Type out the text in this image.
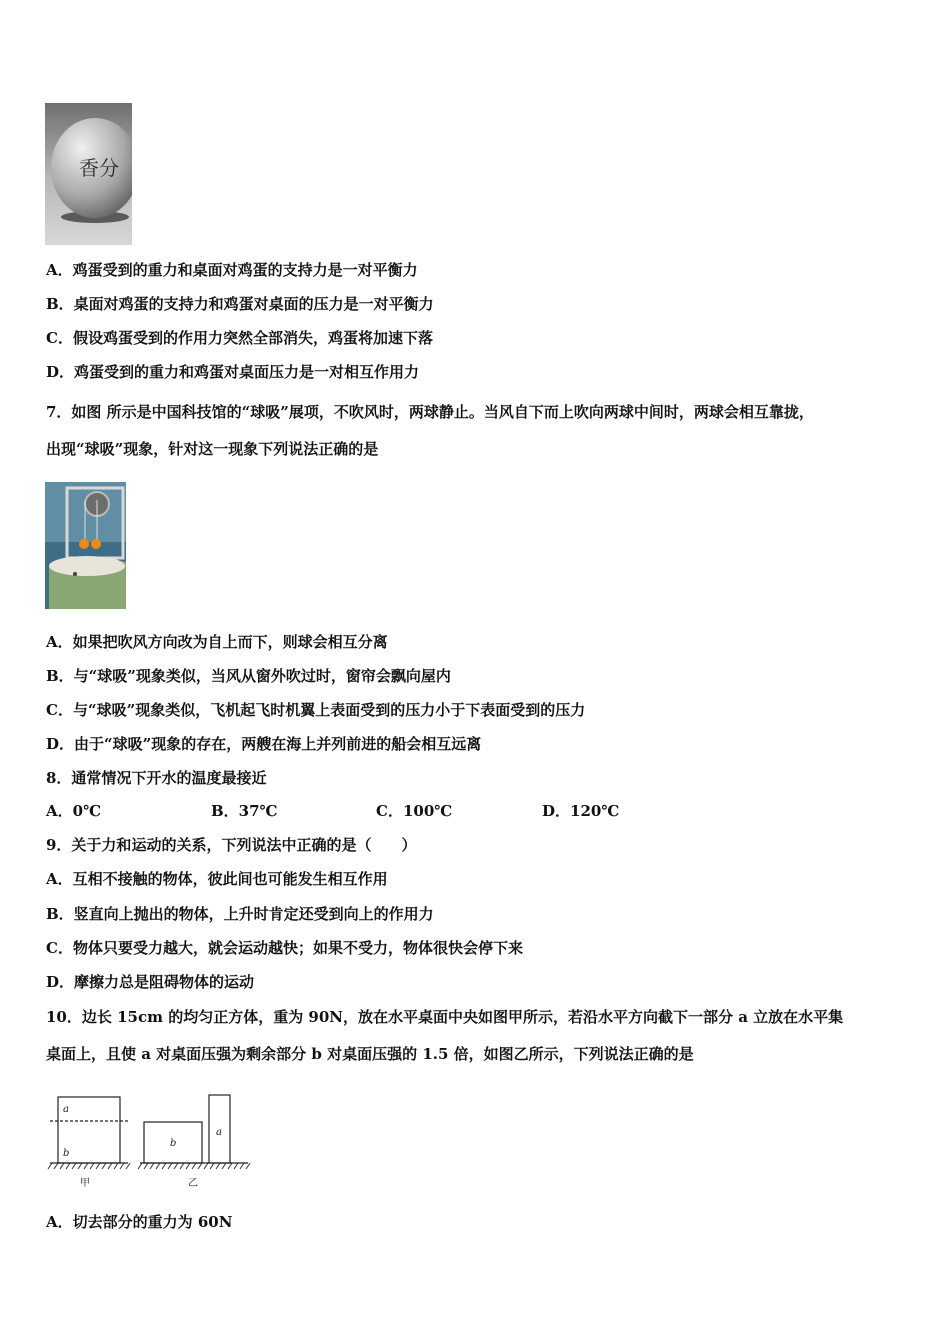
香分
A．鸡蛋受到的重力和桌面对鸡蛋的支持力是一对平衡力
B．桌面对鸡蛋的支持力和鸡蛋对桌面的压力是一对平衡力
C．假设鸡蛋受到的作用力突然全部消失，鸡蛋将加速下落
D．鸡蛋受到的重力和鸡蛋对桌面压力是一对相互作用力
7．如图 所示是中国科技馆的“球吸”展项，不吹风时，两球静止。当风自下而上吹向两球中间时，两球会相互靠拢，
出现“球吸”现象，针对这一现象下列说法正确的是
A．如果把吹风方向改为自上而下，则球会相互分离
B．与“球吸”现象类似，当风从窗外吹过时，窗帘会飘向屋内
C．与“球吸”现象类似，飞机起飞时机翼上表面受到的压力小于下表面受到的压力
D．由于“球吸”现象的存在，两艘在海上并列前进的船会相互远离
8．通常情况下开水的温度最接近
A．0℃	B．37℃	C．100℃	D．120℃
9．关于力和运动的关系，下列说法中正确的是（　　）
A．互相不接触的物体，彼此间也可能发生相互作用
B．竖直向上抛出的物体，上升时肯定还受到向上的作用力
C．物体只要受力越大，就会运动越快；如果不受力，物体很快会停下来
D．摩擦力总是阻碍物体的运动
10．边长 15cm 的均匀正方体，重为 90N，放在水平桌面中央如图甲所示，若沿水平方向截下一部分 a 立放在水平集
桌面上，且使 a 对桌面压强为剩余部分 b 对桌面压强的 1.5 倍，如图乙所示，下列说法正确的是
a
b
b
a
甲	乙
A．切去部分的重力为 60N
